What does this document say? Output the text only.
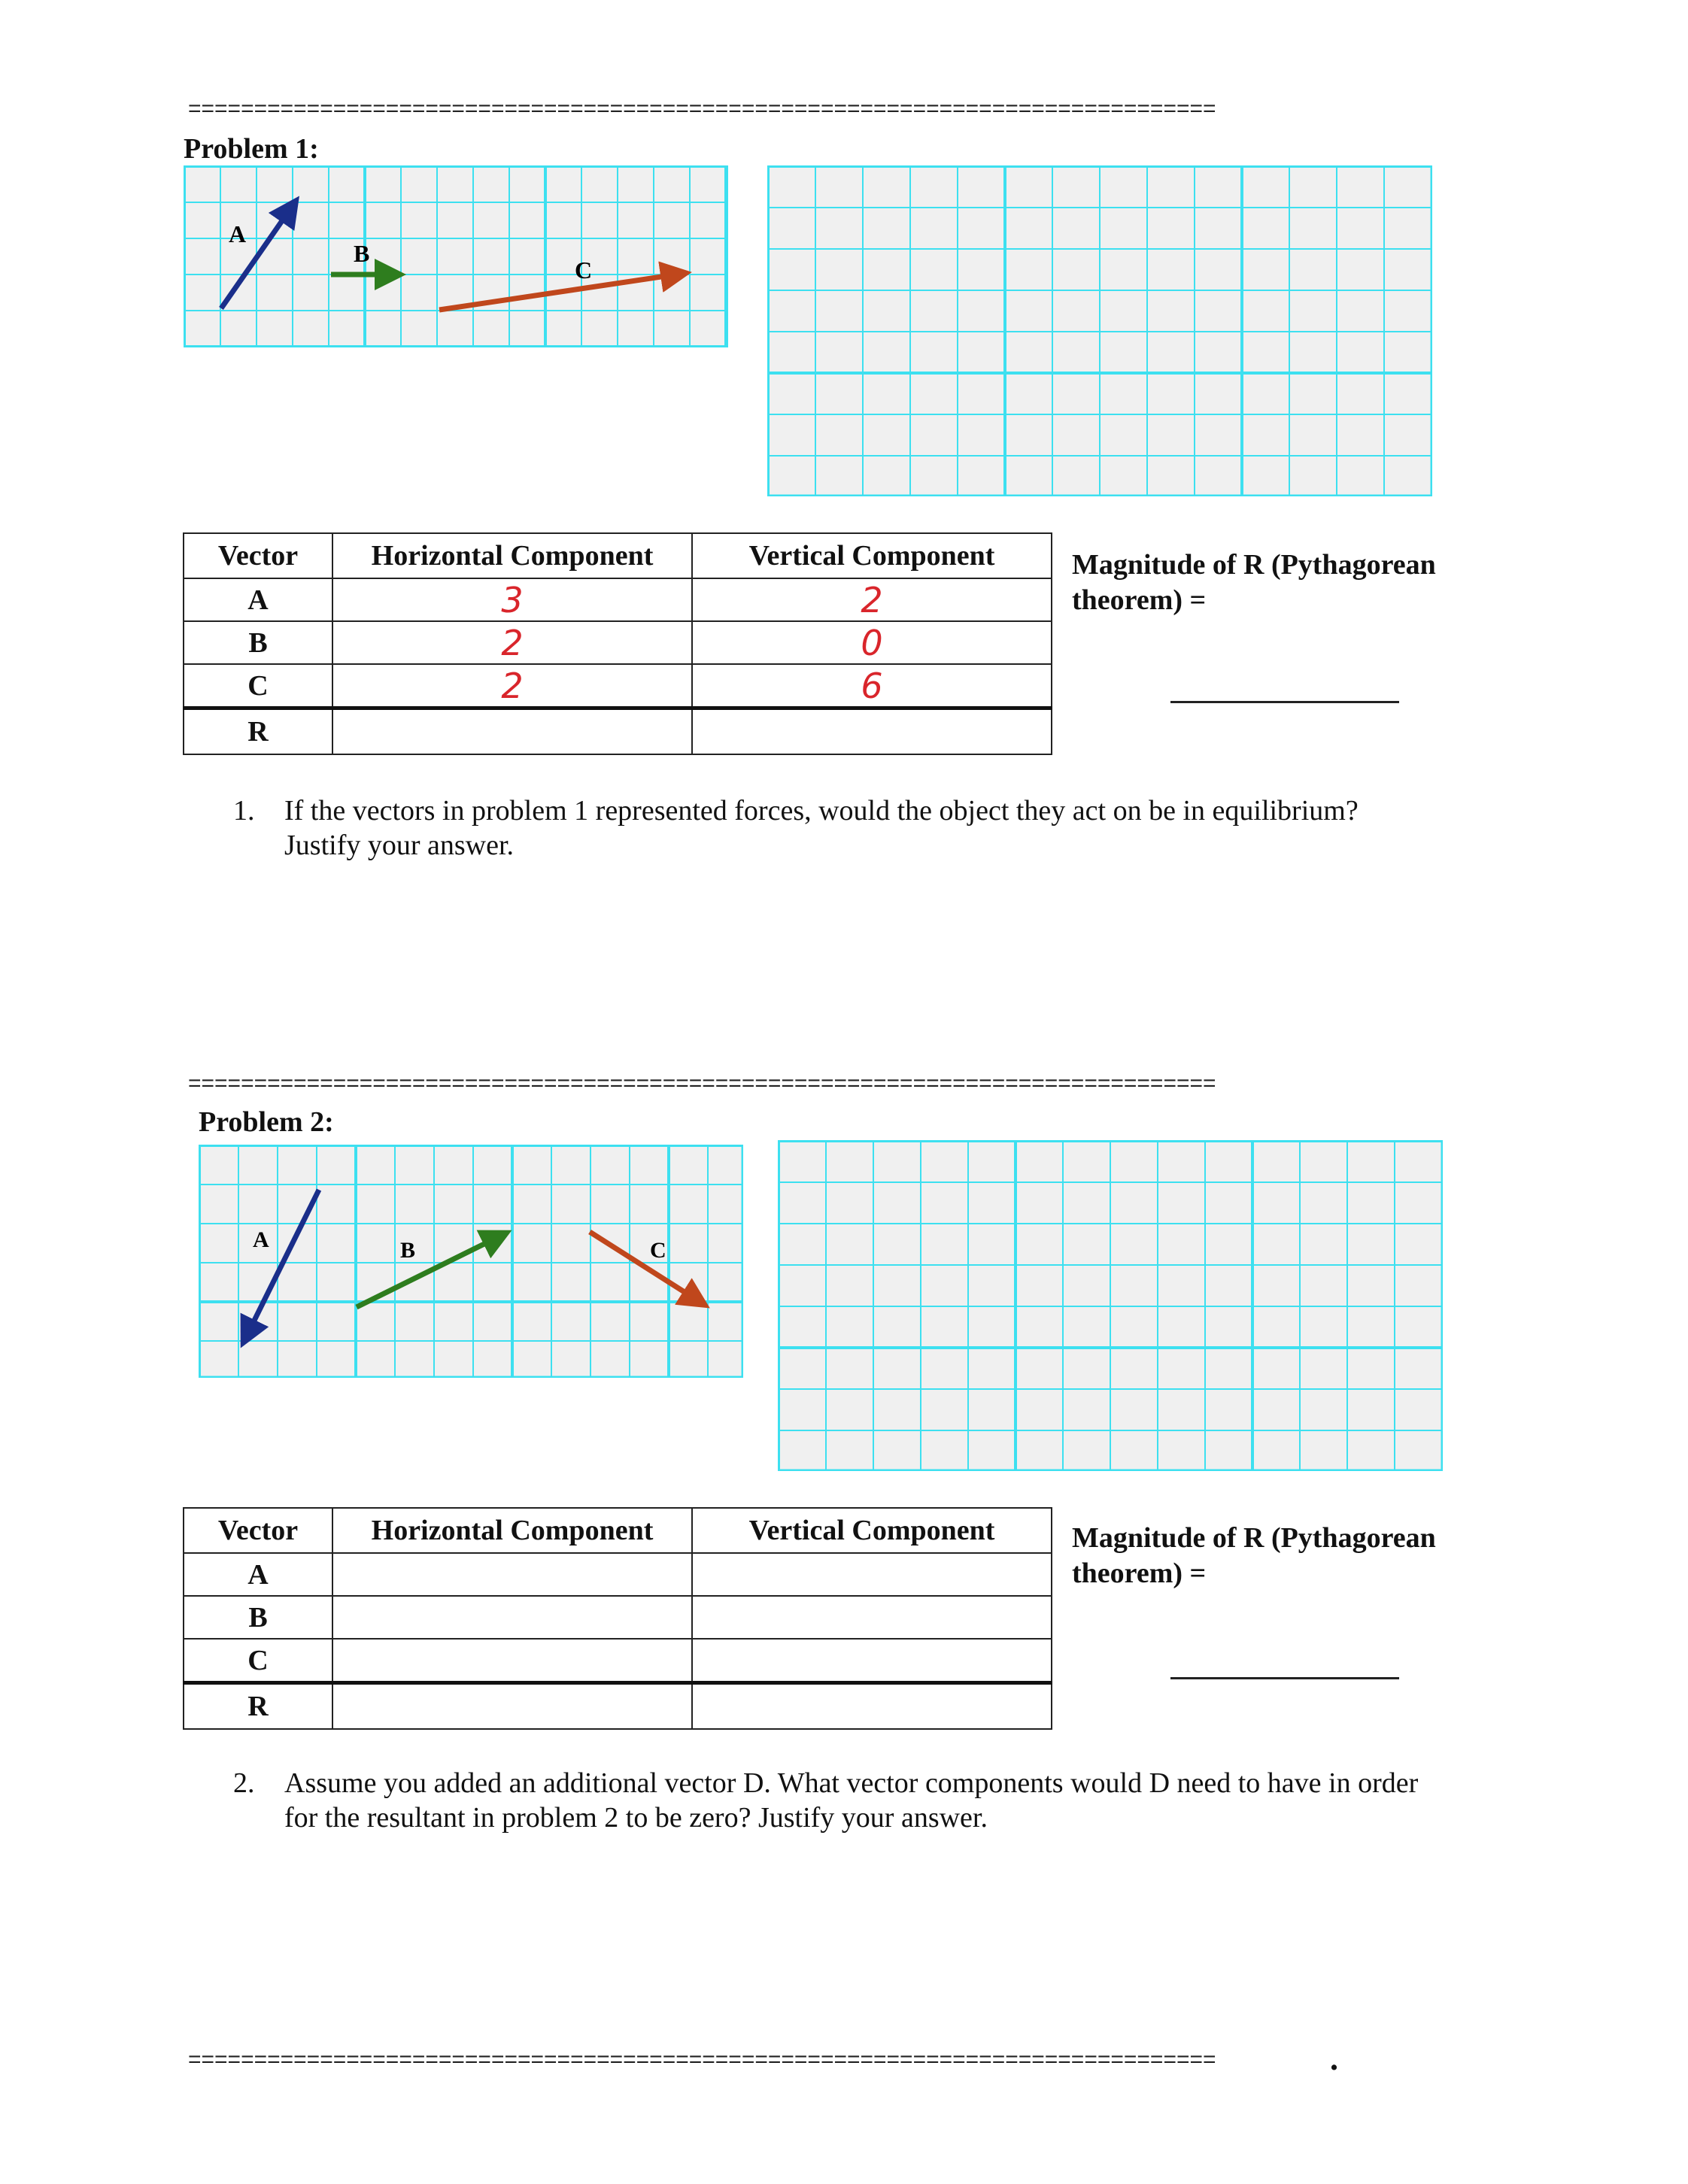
==============================================================================
Problem 1:
A
B
C
Vector	Horizontal Component	Vertical Component
A	3	2
B	2	0
C	2	6
R		
Magnitude of R (Pythagorean
theorem) =
1. If the vectors in problem 1 represented forces, would the object they act on be in equilibrium?
Justify your answer.
==============================================================================
Problem 2:
A	B	C
Vector	Horizontal Component	Vertical Component
A		
B		
C		
R		
Magnitude of R (Pythagorean
theorem) =
2. Assume you added an additional vector D. What vector components would D need to have in order
for the resultant in problem 2 to be zero? Justify your answer.
==============================================================================	.
